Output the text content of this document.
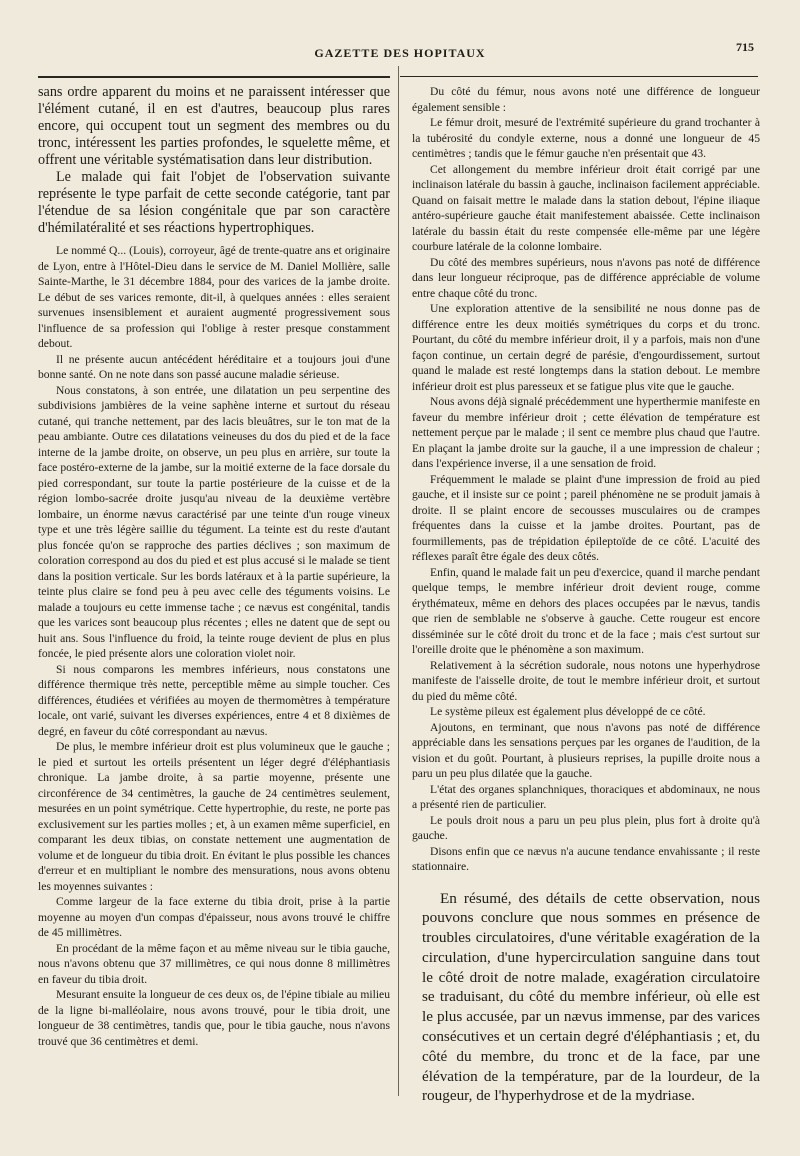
GAZETTE DES HOPITAUX	715

sans ordre apparent du moins et ne paraissent intéresser que l'élément cutané, il en est d'autres, beaucoup plus rares encore, qui occupent tout un segment des membres ou du tronc, intéressent les parties profondes, le squelette même, et offrent une véritable systématisation dans leur distribution.

Le malade qui fait l'objet de l'observation suivante représente le type parfait de cette seconde catégorie, tant par l'étendue de sa lésion congénitale que par son caractère d'hémilatéralité et ses réactions hypertrophiques.

Le nommé Q... (Louis), corroyeur, âgé de trente-quatre ans et originaire de Lyon, entre à l'Hôtel-Dieu dans le service de M. Daniel Mollière, salle Sainte-Marthe, le 31 décembre 1884, pour des varices de la jambe droite. Le début de ses varices remonte, dit-il, à quelques années : elles seraient survenues insensiblement et auraient augmenté progressivement sous l'influence de sa profession qui l'oblige à rester presque constamment debout.

Il ne présente aucun antécédent héréditaire et a toujours joui d'une bonne santé. On ne note dans son passé aucune maladie sérieuse.

Nous constatons, à son entrée, une dilatation un peu serpentine des subdivisions jambières de la veine saphène interne et surtout du réseau cutané, qui tranche nettement, par des lacis bleuâtres, sur le ton mat de la peau ambiante. Outre ces dilatations veineuses du dos du pied et de la face interne de la jambe droite, on observe, un peu plus en arrière, sur toute la face postéro-externe de la jambe, sur la moitié externe de la face dorsale du pied correspondant, sur toute la partie postérieure de la cuisse et de la région lombo-sacrée droite jusqu'au niveau de la deuxième vertèbre lombaire, un énorme nævus caractérisé par une teinte d'un rouge vineux type et une très légère saillie du tégument. La teinte est du reste d'autant plus foncée qu'on se rapproche des parties déclives ; son maximum de coloration correspond au dos du pied et est plus accusé si le malade se tient dans la position verticale. Sur les bords latéraux et à la partie supérieure, la teinte plus claire se fond peu à peu avec celle des téguments voisins. Le malade a toujours eu cette immense tache ; ce nævus est congénital, tandis que les varices sont beaucoup plus récentes ; elles ne datent que de sept ou huit ans. Sous l'influence du froid, la teinte rouge devient de plus en plus foncée, le pied présente alors une coloration violet noir.

Si nous comparons les membres inférieurs, nous constatons une différence thermique très nette, perceptible même au simple toucher. Ces différences, étudiées et vérifiées au moyen de thermomètres à température locale, ont varié, suivant les diverses expériences, entre 4 et 8 dixièmes de degré, en faveur du côté correspondant au nævus.

De plus, le membre inférieur droit est plus volumineux que le gauche ; le pied et surtout les orteils présentent un léger degré d'éléphantiasis chronique. La jambe droite, à sa partie moyenne, présente une circonférence de 34 centimètres, la gauche de 24 centimètres seulement, mesurées en un point symétrique. Cette hypertrophie, du reste, ne porte pas exclusivement sur les parties molles ; et, à un examen même superficiel, en comparant les deux tibias, on constate nettement une augmentation de volume et de longueur du tibia droit. En évitant le plus possible les chances d'erreur et en multipliant le nombre des mensurations, nous avons obtenu les moyennes suivantes :

Comme largeur de la face externe du tibia droit, prise à la partie moyenne au moyen d'un compas d'épaisseur, nous avons trouvé le chiffre de 45 millimètres.

En procédant de la même façon et au même niveau sur le tibia gauche, nous n'avons obtenu que 37 millimètres, ce qui nous donne 8 millimètres en faveur du tibia droit.

Mesurant ensuite la longueur de ces deux os, de l'épine tibiale au milieu de la ligne bi-malléolaire, nous avons trouvé, pour le tibia droit, une longueur de 38 centimètres, tandis que, pour le tibia gauche, nous n'avons trouvé que 36 centimètres et demi.

Du côté du fémur, nous avons noté une différence de longueur également sensible :

Le fémur droit, mesuré de l'extrémité supérieure du grand trochanter à la tubérosité du condyle externe, nous a donné une longueur de 45 centimètres ; tandis que le fémur gauche n'en présentait que 43.

Cet allongement du membre inférieur droit était corrigé par une inclinaison latérale du bassin à gauche, inclinaison facilement appréciable. Quand on faisait mettre le malade dans la station debout, l'épine iliaque antéro-supérieure gauche était manifestement abaissée. Cette inclinaison latérale du bassin était du reste compensée elle-même par une légère courbure latérale de la colonne lombaire.

Du côté des membres supérieurs, nous n'avons pas noté de différence dans leur longueur réciproque, pas de différence appréciable de volume entre chaque côté du tronc.

Une exploration attentive de la sensibilité ne nous donne pas de différence entre les deux moitiés symétriques du corps et du tronc. Pourtant, du côté du membre inférieur droit, il y a parfois, mais non d'une façon continue, un certain degré de parésie, d'engourdissement, surtout quand le malade est resté longtemps dans la station debout. Le membre inférieur droit est plus paresseux et se fatigue plus vite que le gauche.

Nous avons déjà signalé précédemment une hyperthermie manifeste en faveur du membre inférieur droit ; cette élévation de température est nettement perçue par le malade ; il sent ce membre plus chaud que l'autre. En plaçant la jambe droite sur la gauche, il a une impression de chaleur ; dans l'expérience inverse, il a une sensation de froid.

Fréquemment le malade se plaint d'une impression de froid au pied gauche, et il insiste sur ce point ; pareil phénomène ne se produit jamais à droite. Il se plaint encore de secousses musculaires ou de crampes fréquentes dans la cuisse et la jambe droites. Pourtant, pas de fourmillements, pas de trépidation épileptoïde de ce côté. L'acuité des réflexes paraît être égale des deux côtés.

Enfin, quand le malade fait un peu d'exercice, quand il marche pendant quelque temps, le membre inférieur droit devient rouge, comme érythémateux, même en dehors des places occupées par le nævus, tandis que rien de semblable ne s'observe à gauche. Cette rougeur est encore disséminée sur le côté droit du tronc et de la face ; mais c'est surtout sur l'oreille droite que le phénomène a son maximum.

Relativement à la sécrétion sudorale, nous notons une hyperhydrose manifeste de l'aisselle droite, de tout le membre inférieur droit, et surtout du pied du même côté.

Le système pileux est également plus développé de ce côté.

Ajoutons, en terminant, que nous n'avons pas noté de différence appréciable dans les sensations perçues par les organes de l'audition, de la vision et du goût. Pourtant, à plusieurs reprises, la pupille droite nous a paru un peu plus dilatée que la gauche.

L'état des organes splanchniques, thoraciques et abdominaux, ne nous a présenté rien de particulier.

Le pouls droit nous a paru un peu plus plein, plus fort à droite qu'à gauche.

Disons enfin que ce nævus n'a aucune tendance envahissante ; il reste stationnaire.

En résumé, des détails de cette observation, nous pouvons conclure que nous sommes en présence de troubles circulatoires, d'une véritable exagération de la circulation, d'une hypercirculation sanguine dans tout le côté droit de notre malade, exagération circulatoire se traduisant, du côté du membre inférieur, où elle est le plus accusée, par un nævus immense, par des varices consécutives et un certain degré d'éléphantiasis ; et, du côté du membre, du tronc et de la face, par une élévation de la température, par de la lourdeur, de la rougeur, de l'hyperhydrose et de la mydriase.
